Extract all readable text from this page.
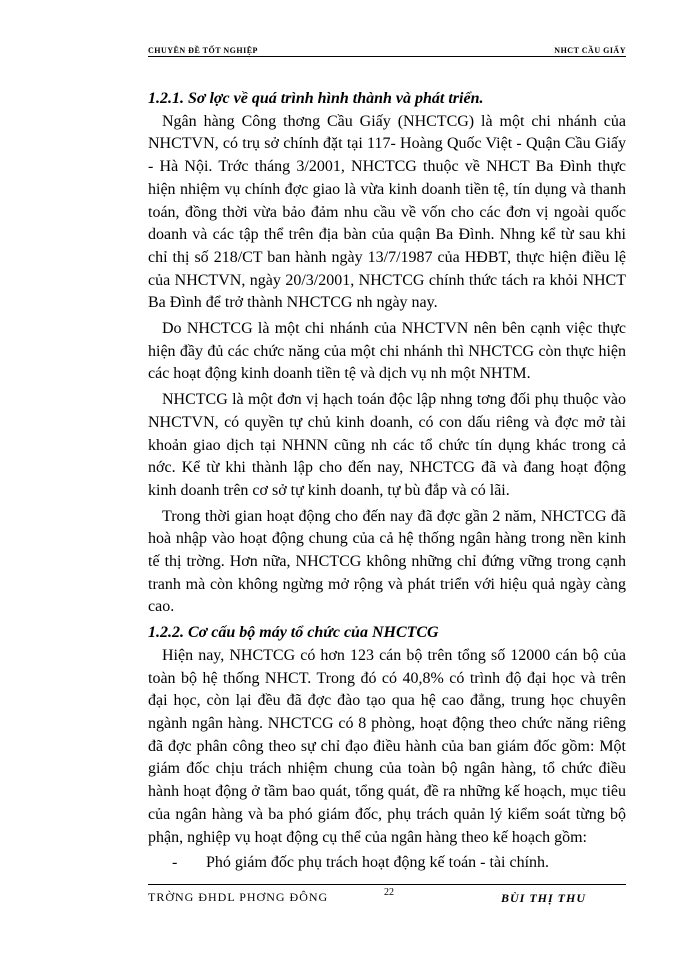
CHUYÊN ĐỀ TỐT NGHIỆP	NHCT CẦU GIẤY
1.2.1. Sơ lợc về quá trình hình thành và phát triển.

Ngân hàng Công thơng Cầu Giấy (NHCTCG) là một chi nhánh của NHCTVN, có trụ sở chính đặt tại 117- Hoàng Quốc Việt - Quận Cầu Giấy - Hà Nội. Trớc tháng 3/2001, NHCTCG thuộc về NHCT Ba Đình thực hiện nhiệm vụ chính đợc giao là vừa kinh doanh tiền tệ, tín dụng và thanh toán, đồng thời vừa bảo đảm nhu cầu về vốn cho các đơn vị ngoài quốc doanh và các tập thể trên địa bàn của quận Ba Đình. Nhng kể từ sau khi chỉ thị số 218/CT ban hành ngày 13/7/1987 của HĐBT, thực hiện điều lệ của NHCTVN, ngày 20/3/2001, NHCTCG chính thức tách ra khỏi NHCT Ba Đình để trở thành NHCTCG nh ngày nay.

Do NHCTCG là một chi nhánh của NHCTVN nên bên cạnh việc thực hiện đầy đủ các chức năng của một chi nhánh thì NHCTCG còn thực hiện các hoạt động kinh doanh tiền tệ và dịch vụ nh một NHTM.

NHCTCG là một đơn vị hạch toán độc lập nhng tơng đối phụ thuộc vào NHCTVN, có quyền tự chủ kinh doanh, có con dấu riêng và đợc mở tài khoản giao dịch tại NHNN cũng nh các tổ chức tín dụng khác trong cả nớc. Kể từ khi thành lập cho đến nay, NHCTCG đã và đang hoạt động kinh doanh trên cơ sở tự kinh doanh, tự bù đắp và có lãi.

Trong thời gian hoạt động cho đến nay đã đợc gần 2 năm, NHCTCG đã hoà nhập vào hoạt động chung của cả hệ thống ngân hàng trong nền kinh tế thị trờng. Hơn nữa, NHCTCG không những chỉ đứng vững trong cạnh tranh mà còn không ngừng mở rộng và phát triển với hiệu quả ngày càng cao.

1.2.2. Cơ cấu bộ máy tổ chức của NHCTCG

Hiện nay, NHCTCG có hơn 123 cán bộ trên tổng số 12000 cán bộ của toàn bộ hệ thống NHCT. Trong đó có 40,8% có trình độ đại học và trên đại học, còn lại đều đã đợc đào tạo qua hệ cao đẳng, trung học chuyên ngành ngân hàng. NHCTCG có 8 phòng, hoạt động theo chức năng riêng đã đợc phân công theo sự chỉ đạo điều hành của ban giám đốc gồm: Một giám đốc chịu trách nhiệm chung của toàn bộ ngân hàng, tổ chức điều hành hoạt động ở tầm bao quát, tổng quát, đề ra những kế hoạch, mục tiêu của ngân hàng và ba phó giám đốc, phụ trách quản lý kiểm soát từng bộ phận, nghiệp vụ hoạt động cụ thể của ngân hàng theo kế hoạch gồm:

- Phó giám đốc phụ trách hoạt động kế toán - tài chính.
TRỜNG ĐHDL PHƠNG ĐÔNG	22	BÙI THỊ THU
